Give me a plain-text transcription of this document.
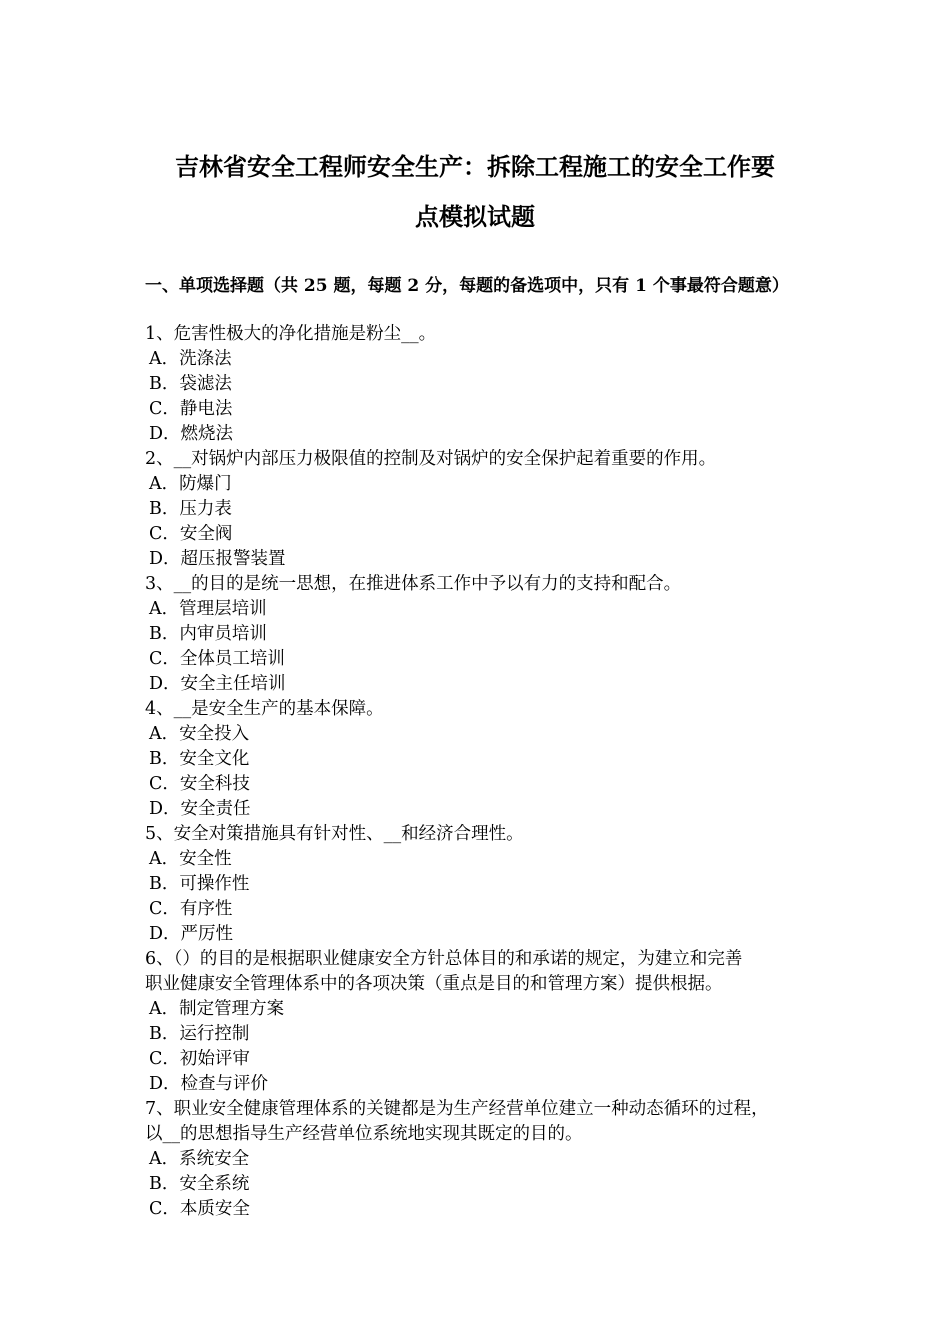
吉林省安全工程师安全生产：拆除工程施工的安全工作要
点模拟试题
一、单项选择题（共 25 题，每题 2 分，每题的备选项中，只有 1 个事最符合题意）
1、危害性极大的净化措施是粉尘__。
A．洗涤法
B．袋滤法
C．静电法
D．燃烧法
2、__对锅炉内部压力极限值的控制及对锅炉的安全保护起着重要的作用。
A．防爆门
B．压力表
C．安全阀
D．超压报警装置
3、__的目的是统一思想，在推进体系工作中予以有力的支持和配合。
A．管理层培训
B．内审员培训
C．全体员工培训
D．安全主任培训
4、__是安全生产的基本保障。
A．安全投入
B．安全文化
C．安全科技
D．安全责任
5、安全对策措施具有针对性、__和经济合理性。
A．安全性
B．可操作性
C．有序性
D．严厉性
6、（）的目的是根据职业健康安全方针总体目的和承诺的规定，为建立和完善
职业健康安全管理体系中的各项决策（重点是目的和管理方案）提供根据。
A．制定管理方案
B．运行控制
C．初始评审
D．检查与评价
7、职业安全健康管理体系的关键都是为生产经营单位建立一种动态循环的过程，
以__的思想指导生产经营单位系统地实现其既定的目的。
A．系统安全
B．安全系统
C．本质安全
